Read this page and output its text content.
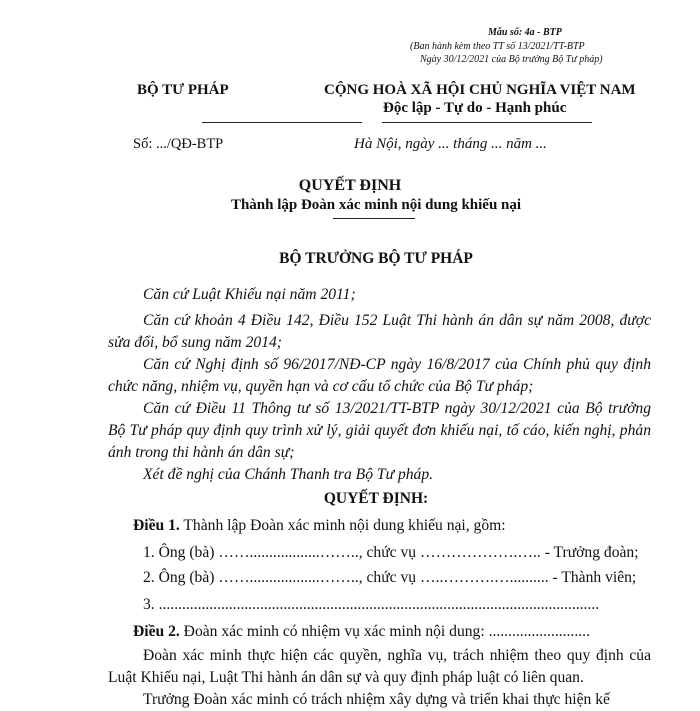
Mẫu số: 4a - BTP
(Ban hành kèm theo TT số 13/2021/TT-BTP
Ngày 30/12/2021 của Bộ trưởng Bộ Tư pháp)
BỘ TƯ PHÁP
Số: .../QĐ-BTP
CỘNG HOÀ XÃ HỘI CHỦ NGHĨA VIỆT NAM
Độc lập - Tự do - Hạnh phúc
Hà Nội, ngày ... tháng ... năm ...
QUYẾT ĐỊNH
Thành lập Đoàn xác minh nội dung khiếu nại
BỘ TRƯỞNG BỘ TƯ PHÁP
Căn cứ Luật Khiếu nại năm 2011;
Căn cứ khoản 4 Điều 142, Điều 152 Luật Thi hành án dân sự năm 2008, được sửa đổi, bổ sung năm 2014;
Căn cứ Nghị định số 96/2017/NĐ-CP ngày 16/8/2017 của Chính phủ quy định chức năng, nhiệm vụ, quyền hạn và cơ cấu tổ chức của Bộ Tư pháp;
Căn cứ Điều 11 Thông tư số 13/2021/TT-BTP ngày 30/12/2021 của Bộ trưởng Bộ Tư pháp quy định quy trình xử lý, giải quyết đơn khiếu nại, tố cáo, kiến nghị, phản ánh trong thi hành án dân sự;
Xét đề nghị của Chánh Thanh tra Bộ Tư pháp.
QUYẾT ĐỊNH:
Điều 1. Thành lập Đoàn xác minh nội dung khiếu nại, gồm:
1. Ông (bà) ……..................…….., chức vụ ……………….….. - Trưởng đoàn;
2. Ông (bà) ……..................…….., chức vụ …..……….….......... - Thành viên;
3. .................................................................................................................
Điều 2. Đoàn xác minh có nhiệm vụ xác minh nội dung: ..........................
Đoàn xác minh thực hiện các quyền, nghĩa vụ, trách nhiệm theo quy định của Luật Khiếu nại, Luật Thi hành án dân sự và quy định pháp luật có liên quan.
Trưởng Đoàn xác minh có trách nhiệm xây dựng và triển khai thực hiện kế
